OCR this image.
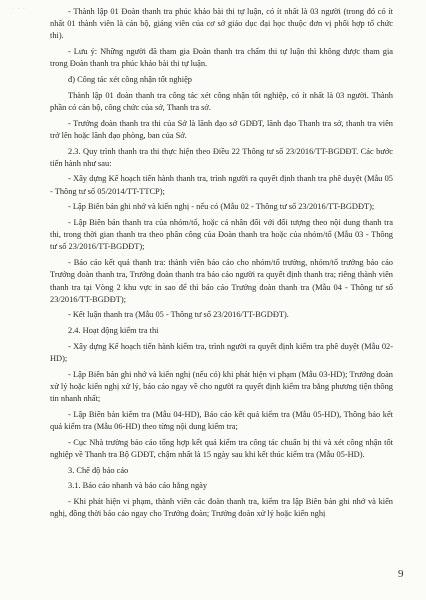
· · ·	- Thành lập 01 Đoàn thanh tra phúc khảo bài thi tự luận, có ít nhất là 03 người (trong đó có ít nhất 01 thành viên là cán bộ, giảng viên của cơ sở giáo dục đại học thuộc đơn vị phối hợp tổ chức thi).

- Lưu ý: Những người đã tham gia Đoàn thanh tra chấm thi tự luận thì không được tham gia trong Đoàn thanh tra phúc khảo bài thi tự luận.

đ) Công tác xét công nhận tốt nghiệp

Thành lập 01 đoàn thanh tra công tác xét công nhận tốt nghiệp, có ít nhất là 03 người. Thành phần có cán bộ, công chức của sở, Thanh tra sở.

- Trưởng đoàn thanh tra thi của Sở là lãnh đạo sở GDĐT, lãnh đạo Thanh tra sở, thanh tra viên trở lên hoặc lãnh đạo phòng, ban của Sở.

2.3. Quy trình thanh tra thi thực hiện theo Điều 22 Thông tư số 23/2016/TT-BGDĐT. Các bước tiến hành như sau:

- Xây dựng Kế hoạch tiến hành thanh tra, trình người ra quyết định thanh tra phê duyệt (Mẫu 05 - Thông tư số 05/2014/TT-TTCP);

- Lập Biên bản ghi nhớ và kiến nghị - nếu có (Mẫu 02 - Thông tư số 23/2016/TT-BGDĐT);

- Lập Biên bản thanh tra của nhóm/tổ, hoặc cá nhân đối với đối tượng theo nội dung thanh tra thi, trong thời gian thanh tra theo phân công của Đoàn thanh tra hoặc của nhóm/tổ (Mẫu 03 - Thông tư số 23/2016/TT-BGDĐT);

- Báo cáo kết quả thanh tra: thành viên báo cáo cho nhóm/tổ trưởng, nhóm/tổ trưởng báo cáo Trưởng đoàn thanh tra, Trưởng đoàn thanh tra báo cáo người ra quyết định thanh tra; riêng thành viên thanh tra tại Vòng 2 khu vực in sao để thì báo cáo Trưởng đoàn thanh tra (Mẫu 04 - Thông tư số 23/2016/TT-BGDĐT);

- Kết luận thanh tra (Mẫu 05 - Thông tư số 23/2016/TT-BGDĐT).

2.4. Hoạt động kiểm tra thi

- Xây dựng Kế hoạch tiến hành kiểm tra, trình người ra quyết định kiểm tra phê duyệt (Mẫu 02-HD);

- Lập Biên bản ghi nhớ và kiến nghị (nếu có) khi phát hiện vi phạm (Mẫu 03-HD); Trưởng đoàn xử lý hoặc kiến nghị xử lý, báo cáo ngay về cho người ra quyết định kiểm tra bằng phương tiện thông tin nhanh nhất;

- Lập Biên bản kiểm tra (Mẫu 04-HD), Báo cáo kết quả kiểm tra (Mẫu 05-HD), Thông báo kết quả kiểm tra (Mẫu 06-HD) theo từng nội dung kiểm tra;

- Cục Nhà trường báo cáo tổng hợp kết quả kiểm tra công tác chuẩn bị thi và xét công nhận tốt nghiệp về Thanh tra Bộ GDĐT, chậm nhất là 15 ngày sau khi kết thúc kiểm tra (Mẫu 05-HD).

3. Chế độ báo cáo

3.1. Báo cáo nhanh và báo cáo hằng ngày

- Khi phát hiện vi phạm, thành viên các đoàn thanh tra, kiểm tra lập Biên bản ghi nhớ và kiến nghị, đồng thời báo cáo ngay cho Trưởng đoàn; Trưởng đoàn xử lý hoặc kiến nghị

9
